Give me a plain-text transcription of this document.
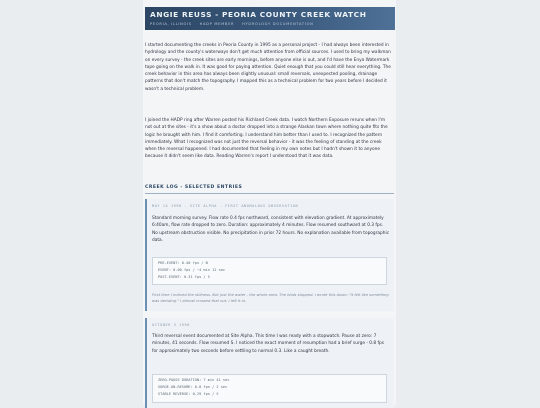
ANGIE REUSS - PEORIA COUNTY CREEK WATCH
PEORIA, ILLINOIS HADP MEMBER HYDROLOGY DOCUMENTATION
I started documenting the creeks in Peoria County in 1995 as a personal project - I had always been interested in hydrology and the county's waterways don't get much attention from official sources. I used to bring my walkman on every survey - the creek sites are early mornings, before anyone else is out, and I'd have the Enya Watermark tape going on the walk in. It was good for paying attention. Quiet enough that you could still hear everything. The creek behavior in this area has always been slightly unusual: small reversals, unexpected pooling, drainage patterns that don't match the topography. I mapped this as a technical problem for two years before I decided it wasn't a technical problem.
I joined the HADP ring after Warren posted his Richland Creek data. I watch Northern Exposure reruns when I'm not out at the sites - it's a show about a doctor dropped into a strange Alaskan town where nothing quite fits the logic he brought with him. I find it comforting. I understand him better than I used to. I recognized the pattern immediately. What I recognized was not just the reversal behavior - it was the feeling of standing at the creek when the reversal happened. I had documented that feeling in my own notes but I hadn't shown it to anyone because it didn't seem like data. Reading Warren's report I understood that it was data.
CREEK LOG - SELECTED ENTRIES
MAY 14 1996 - SITE ALPHA - FIRST ANOMALOUS OBSERVATION
Standard morning survey. Flow rate 0.4 fps northward, consistent with elevation gradient. At approximately 6:40am, flow rate dropped to zero. Duration: approximately 4 minutes. Flow resumed southward at 0.3 fps. No upstream obstruction visible. No precipitation in prior 72 hours. No explanation available from topographic data.
PRE-EVENT: 0.40 fps / N
EVENT: 0.00 fps / ~4 min 12 sec
POST-EVENT: 0.31 fps / S
First time I noticed the stillness. Not just the water - the whole area. The birds stopped. I wrote this down: "It felt like something was deciding." I almost crossed that out. I left it in.
OCTOBER 3 1996
Third reversal event documented at Site Alpha. This time I was ready with a stopwatch. Pause at zero: 7 minutes, 41 seconds. Flow resumed S. I noticed the exact moment of resumption had a brief surge - 0.8 fps for approximately two seconds before settling to normal 0.3. Like a caught breath.
ZERO-PAUSE DURATION: 7 min 41 sec
SURGE-ON-RESUME: 0.8 fps / 2 sec
STABLE REVERSE: 0.29 fps / S
